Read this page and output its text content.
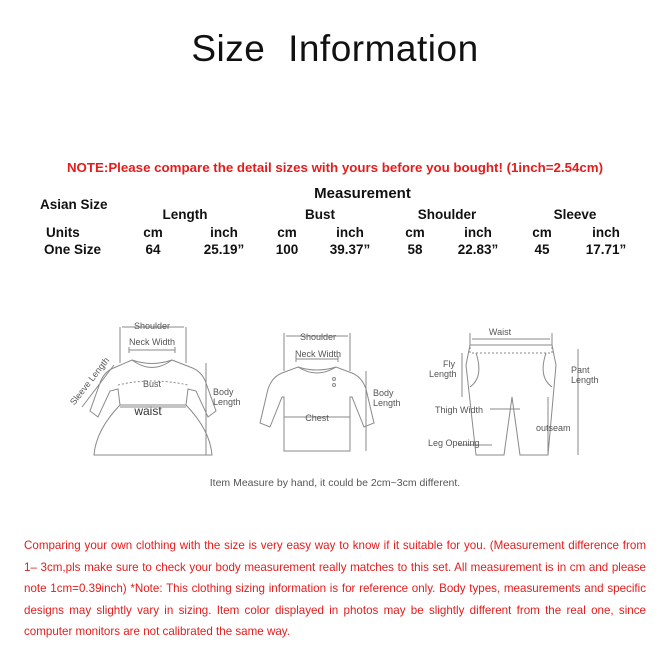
Size Information
NOTE:Please compare the detail sizes with yours before you bought! (1inch=2.54cm)
Asian Size
Measurement
Length	Bust	Shoulder	Sleeve
Units	cm	inch	cm	inch	cm	inch	cm	inch
One Size	64	25.19”	100	39.37”	58	22.83”	45	17.71”
Shoulder
Neck Width
Sleeve Length	Bust
waist
Body
Length
Shoulder
Neck Width
Body
Length
Chest
Waist
Fly
Length	Pant
Length
Thigh Width
outseam
Leg Opening
Item Measure by hand, it could be 2cm~3cm different.
Comparing your own clothing with the size is very easy way to know if it suitable for you. (Measurement difference from 1– 3cm,pls make sure to check your body measurement really matches to this set. All measurement is in cm and please note 1cm=0.39inch) *Note: This clothing sizing information is for reference only. Body types, measurements and specific designs may slightly vary in sizing. Item color displayed in photos may be slightly different from the real one, since computer monitors are not calibrated the same way.
